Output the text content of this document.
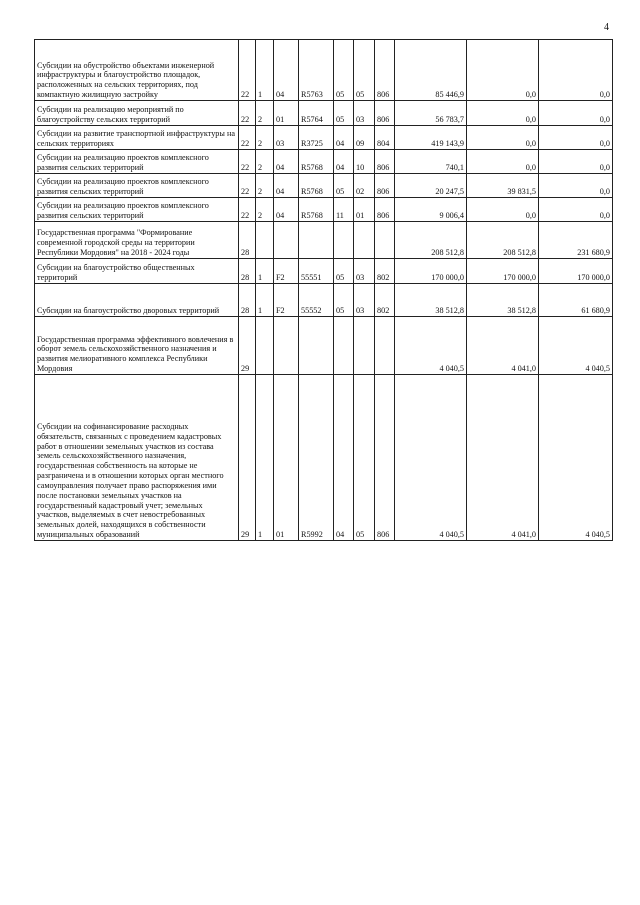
4
Субсидии на обустройство объектами инженерной инфраструктуры и благоустройство площадок, расположенных на сельских территориях, под компактную жилищную застройку	22	1	04	R5763	05	05	806	85 446,9	0,0	0,0
Субсидии на реализацию мероприятий по благоустройству сельских территорий	22	2	01	R5764	05	03	806	56 783,7	0,0	0,0
Субсидии на развитие транспортной инфраструктуры на сельских территориях	22	2	03	R3725	04	09	804	419 143,9	0,0	0,0
Субсидии на реализацию проектов комплексного развития сельских территорий	22	2	04	R5768	04	10	806	740,1	0,0	0,0
Субсидии на реализацию проектов комплексного развития сельских территорий	22	2	04	R5768	05	02	806	20 247,5	39 831,5	0,0
Субсидии на реализацию проектов комплексного развития сельских территорий	22	2	04	R5768	11	01	806	9 006,4	0,0	0,0
Государственная программа "Формирование современной городской среды на территории Республики Мордовия" на 2018 - 2024 годы	28							208 512,8	208 512,8	231 680,9
Субсидии на благоустройство общественных территорий	28	1	F2	55551	05	03	802	170 000,0	170 000,0	170 000,0
Субсидии на благоустройство дворовых территорий	28	1	F2	55552	05	03	802	38 512,8	38 512,8	61 680,9
Государственная программа эффективного вовлечения в оборот земель сельскохозяйственного назначения и развития мелиоративного комплекса Республики Мордовия	29							4 040,5	4 041,0	4 040,5
Субсидии на софинансирование расходных обязательств, связанных с проведением кадастровых работ в отношении земельных участков из состава земель сельскохозяйственного назначения, государственная собственность на которые не разграничена и в отношении которых орган местного самоуправления получает право распоряжения ими после постановки земельных участков на государственный кадастровый учет; земельных участков, выделяемых в счет невостребованных земельных долей, находящихся в собственности муниципальных образований	29	1	01	R5992	04	05	806	4 040,5	4 041,0	4 040,5
